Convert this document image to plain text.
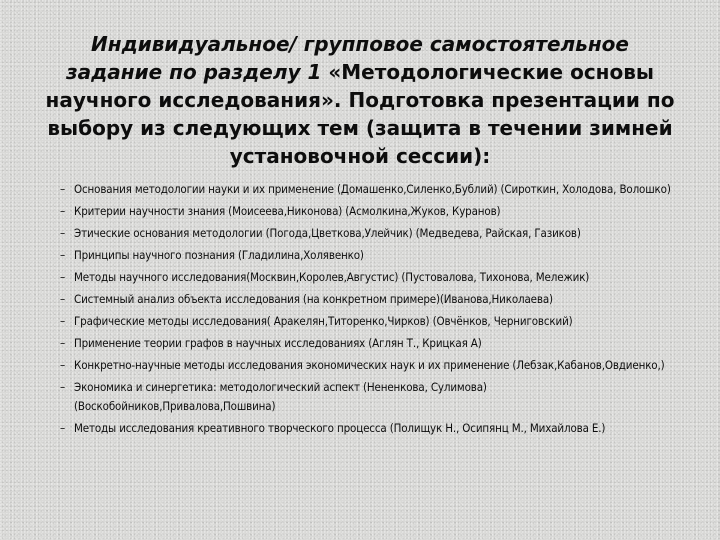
Индивидуальное/ групповое самостоятельное задание по разделу 1 «Методологические основы научного исследования». Подготовка презентации по выбору из следующих тем (защита в течении зимней установочной сессии):
– Основания методологии науки и их применение (Домашенко,Силенко,Бублий) (Сироткин, Холодова, Волошко)
– Критерии научности знания (Моисеева,Никонова) (Асмолкина,Жуков, Куранов)
– Этические основания методологии (Погода,Цветкова,Улейчик) (Медведева, Райская, Газиков)
– Принципы научного познания (Гладилина,Холявенко)
– Методы научного исследования(Москвин,Королев,Августис) (Пустовалова, Тихонова, Мележик)
– Системный анализ объекта исследования (на конкретном примере)(Иванова,Николаева)
– Графические методы исследования( Аракелян,Титоренко,Чирков) (Овчёнков, Черниговский)
– Применение теории графов в научных исследованиях (Аглян Т., Крицкая А)
– Конкретно-научные методы исследования экономических наук и их применение (Лебзак,Кабанов,Овдиенко,)
– Экономика и синергетика: методологический аспект (Ненeнкова, Сулимова) (Воскобойников,Привалова,Пошвина)
– Методы исследования креативного творческого процесса (Полищук Н., Осипянц М., Михайлова Е.)
